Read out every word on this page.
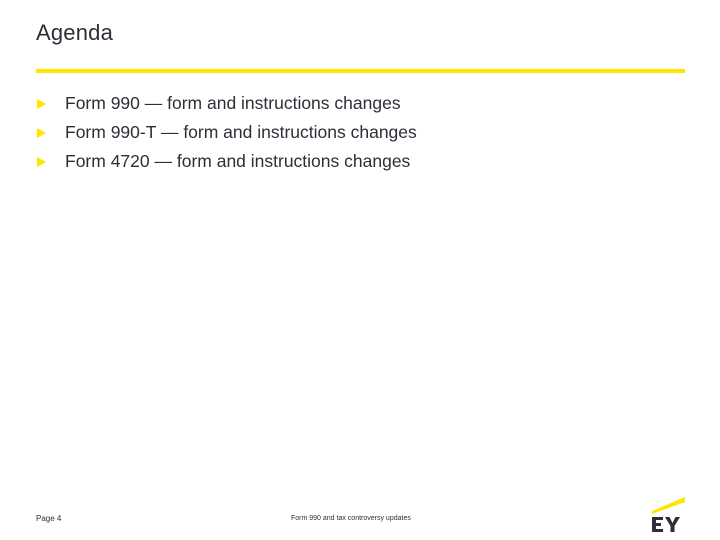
Agenda
Form 990 — form and instructions changes
Form 990-T — form and instructions changes
Form 4720 — form and instructions changes
Page 4	Form 990 and tax controversy updates
